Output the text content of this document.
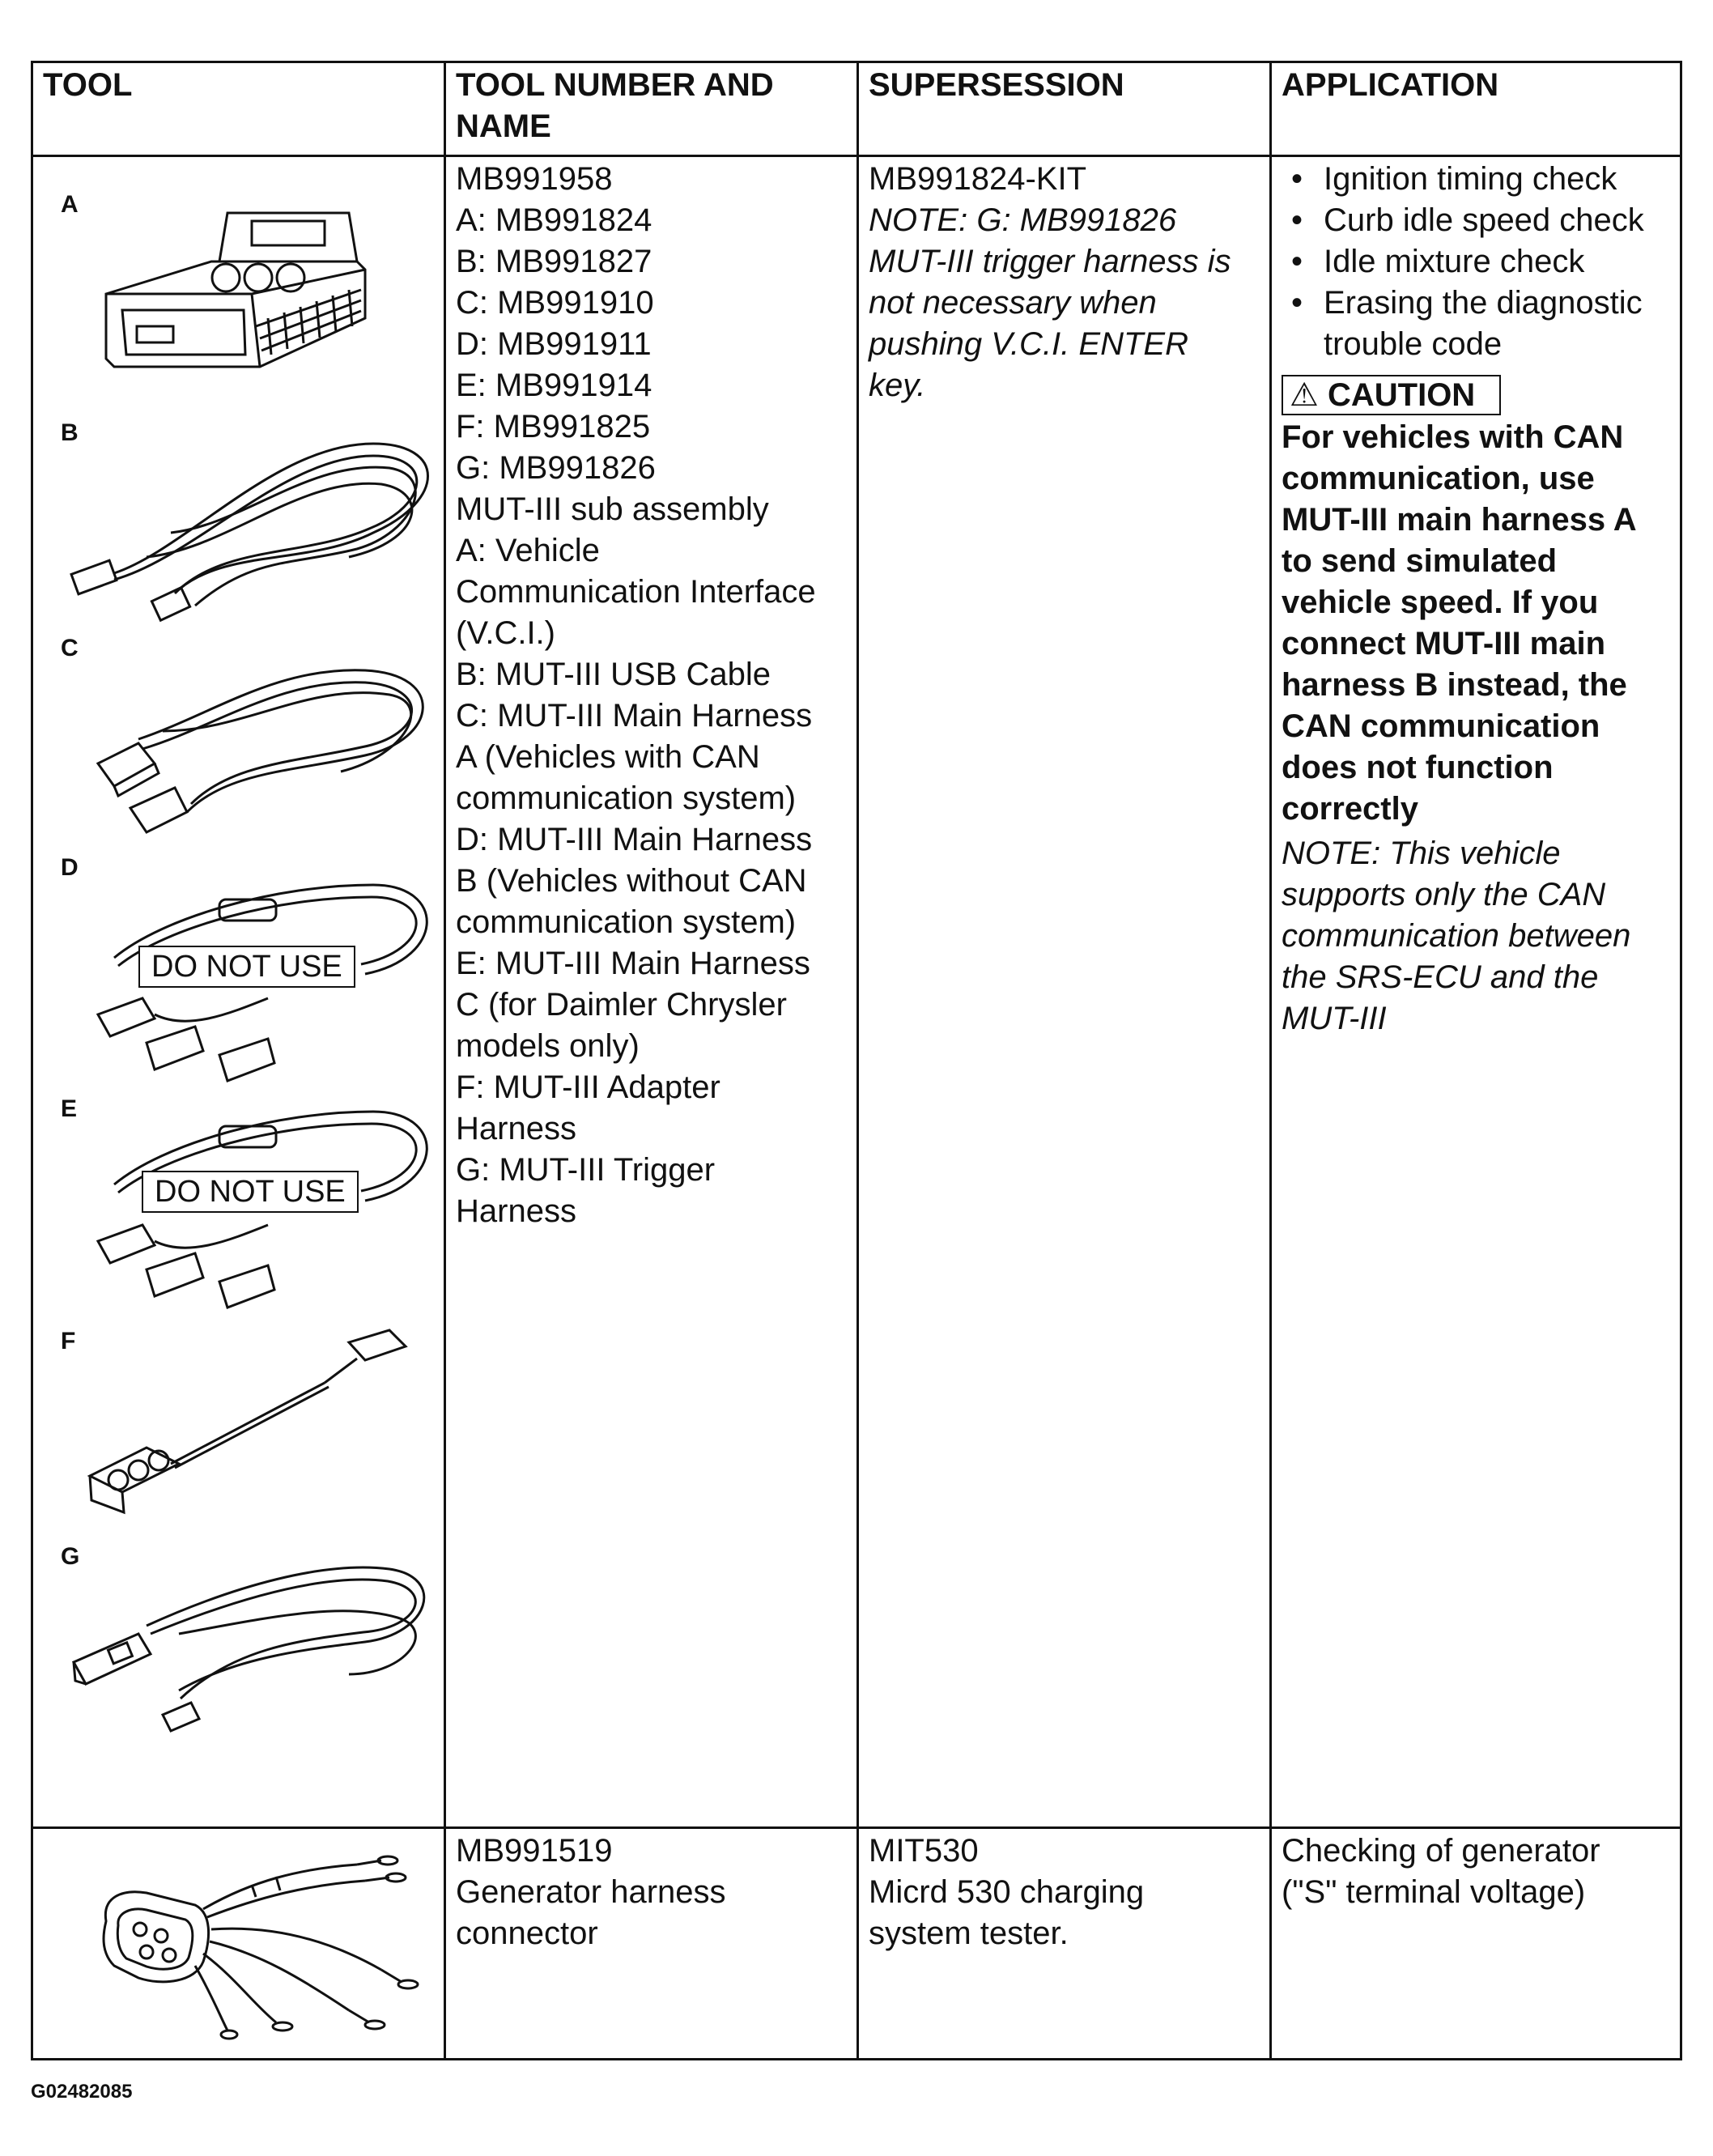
TOOL	TOOL NUMBER AND
NAME
SUPERSESSION	APPLICATION
A
B
C
D
E
F
G
DO NOT USE
DO NOT USE
MB991958
A: MB991824
B: MB991827
C: MB991910
D: MB991911
E: MB991914
F: MB991825
G: MB991826
MUT-III sub assembly
A: Vehicle
Communication Interface
(V.C.I.)
B: MUT-III USB Cable
C: MUT-III Main Harness
A (Vehicles with CAN
communication system)
D: MUT-III Main Harness
B (Vehicles without CAN
communication system)
E: MUT-III Main Harness
C (for Daimler Chrysler
models only)
F: MUT-III Adapter
Harness
G: MUT-III Trigger
Harness
MB991824-KIT
NOTE: G: MB991826
MUT-III trigger harness is
not necessary when
pushing V.C.I. ENTER
key.
• Ignition timing check
• Curb idle speed check
• Idle mixture check
• Erasing the diagnostic
trouble code
⚠ CAUTION
For vehicles with CAN
communication, use
MUT-III main harness A
to send simulated
vehicle speed. If you
connect MUT-III main
harness B instead, the
CAN communication
does not function
correctly
NOTE: This vehicle
supports only the CAN
communication between
the SRS-ECU and the
MUT-III
MB991519
Generator harness
connector
MIT530
Micrd 530 charging
system tester.
Checking of generator
("S" terminal voltage)
G02482085
